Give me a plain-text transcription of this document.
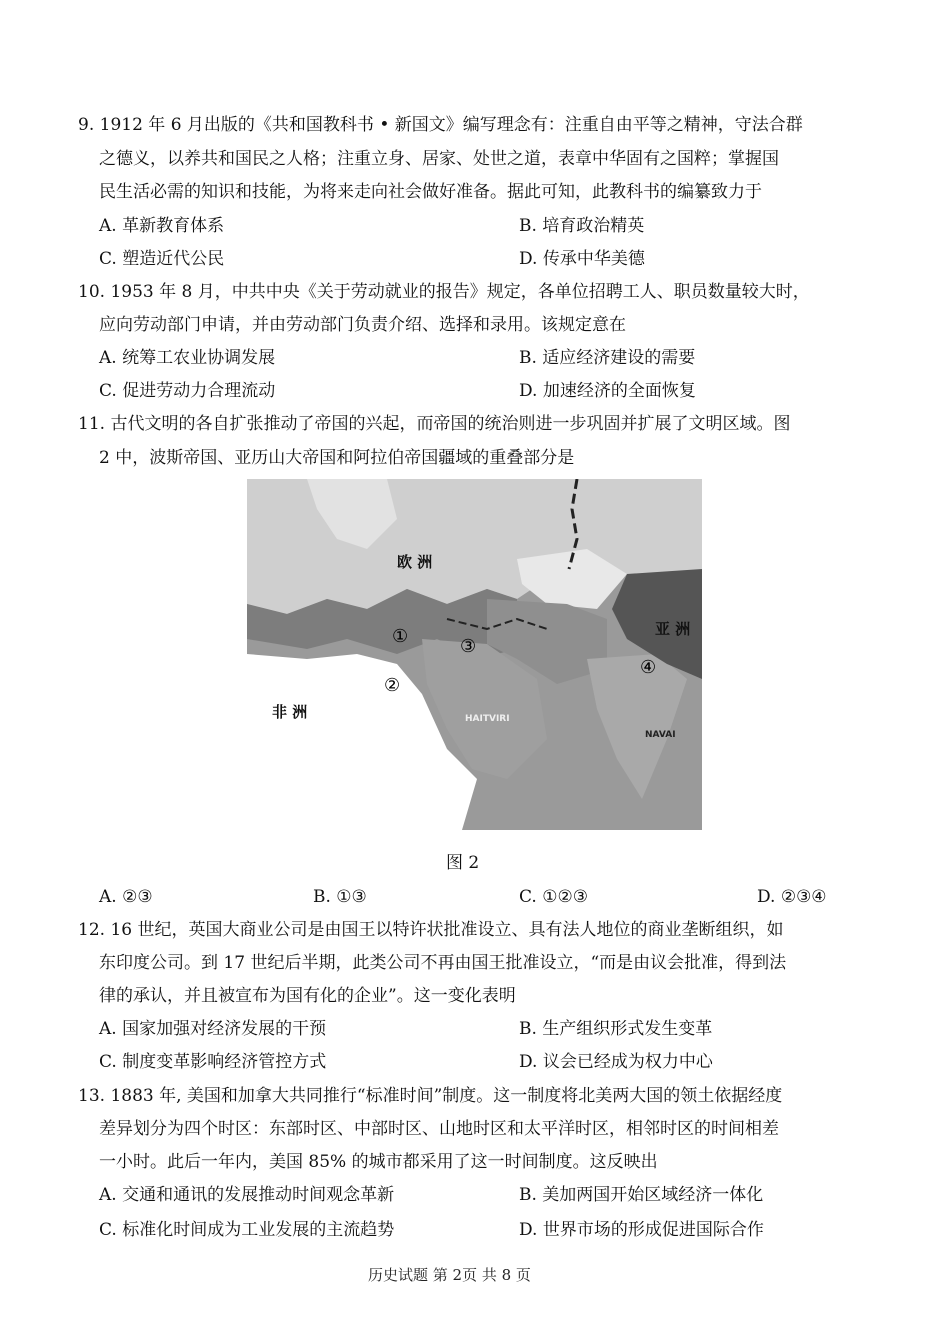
9. 1912 年 6 月出版的《共和国教科书 • 新国文》编写理念有：注重自由平等之精神，守法合群
之德义，以养共和国民之人格；注重立身、居家、处世之道，表章中华固有之国粹；掌握国
民生活必需的知识和技能，为将来走向社会做好准备。据此可知，此教科书的编纂致力于
A. 革新教育体系	B. 培育政治精英
C. 塑造近代公民	D. 传承中华美德
10. 1953 年 8 月，中共中央《关于劳动就业的报告》规定，各单位招聘工人、职员数量较大时，
应向劳动部门申请，并由劳动部门负责介绍、选择和录用。该规定意在
A. 统筹工农业协调发展	B. 适应经济建设的需要
C. 促进劳动力合理流动	D. 加速经济的全面恢复
11. 古代文明的各自扩张推动了帝国的兴起，而帝国的统治则进一步巩固并扩展了文明区域。图
2 中，波斯帝国、亚历山大帝国和阿拉伯帝国疆域的重叠部分是
欧 洲
非 洲
亚 洲
HAITVIRI
NAVAI
①
②
③
④
图 2
A. ②③	B. ①③	C. ①②③	D. ②③④
12. 16 世纪，英国大商业公司是由国王以特许状批准设立、具有法人地位的商业垄断组织，如
东印度公司。到 17 世纪后半期，此类公司不再由国王批准设立，“而是由议会批准，得到法
律的承认，并且被宣布为国有化的企业”。这一变化表明
A. 国家加强对经济发展的干预	B. 生产组织形式发生变革
C. 制度变革影响经济管控方式	D. 议会已经成为权力中心
13. 1883 年, 美国和加拿大共同推行“标准时间”制度。这一制度将北美两大国的领土依据经度
差异划分为四个时区：东部时区、中部时区、山地时区和太平洋时区，相邻时区的时间相差
一小时。此后一年内，美国 85% 的城市都采用了这一时间制度。这反映出
A. 交通和通讯的发展推动时间观念革新	B. 美加两国开始区域经济一体化
C. 标准化时间成为工业发展的主流趋势	D. 世界市场的形成促进国际合作
历史试题 第 2页 共 8 页
